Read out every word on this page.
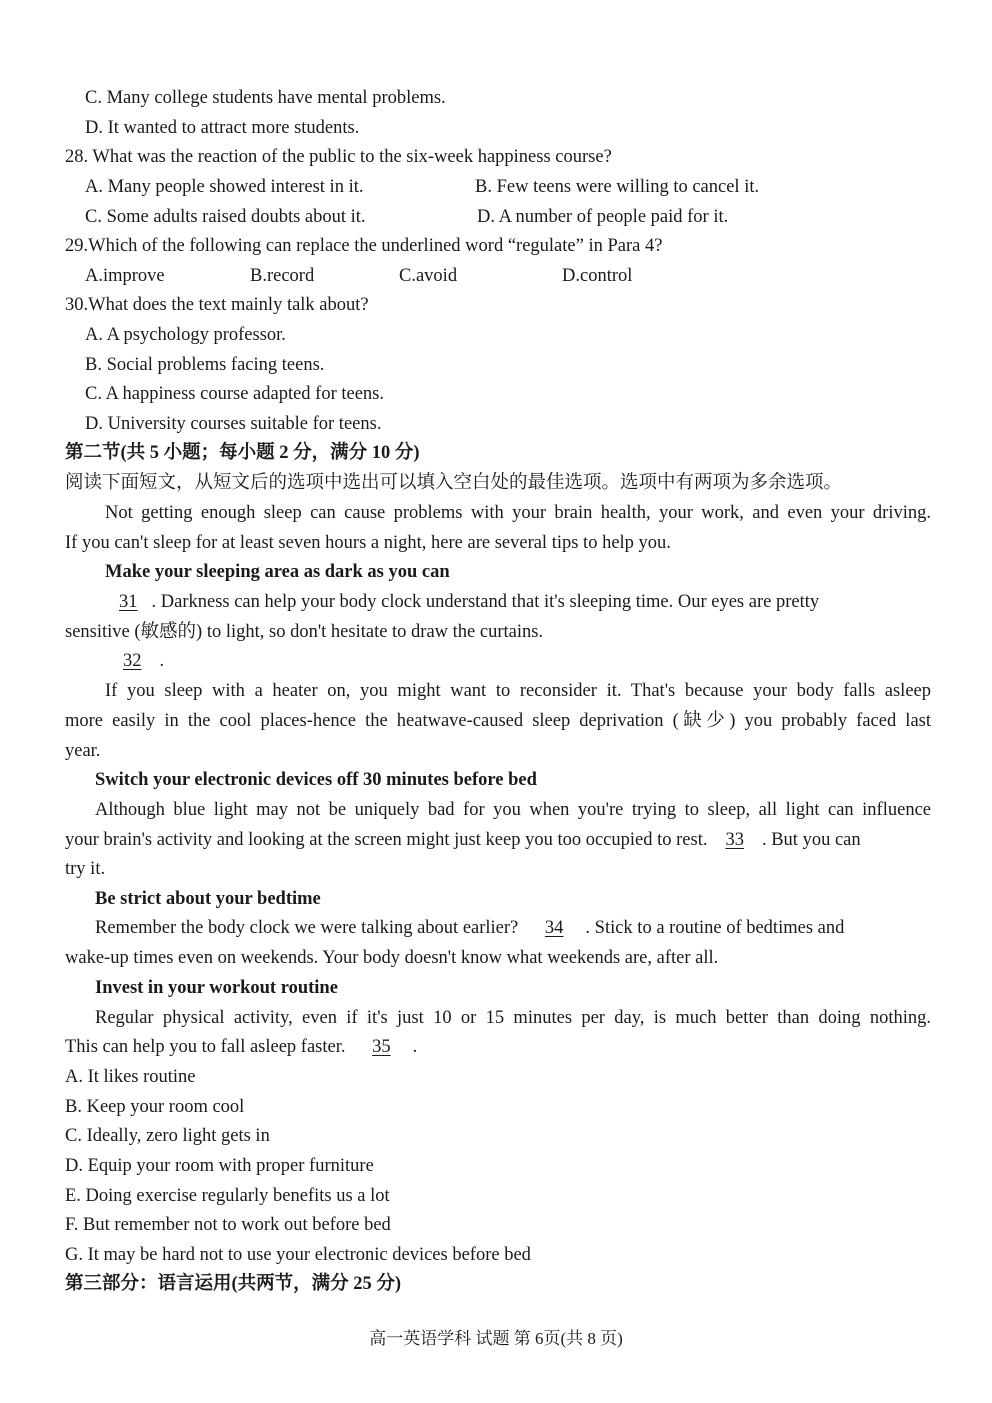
C. Many college students have mental problems.
D. It wanted to attract more students.
28. What was the reaction of the public to the six-week happiness course?
A. Many people showed interest in it.	B. Few teens were willing to cancel it.
C. Some adults raised doubts about it.	D. A number of people paid for it.
29.Which of the following can replace the underlined word “regulate” in Para 4?
A.improve	B.record	C.avoid	D.control
30.What does the text mainly talk about?
A. A psychology professor.
B. Social problems facing teens.
C. A happiness course adapted for teens.
D. University courses suitable for teens.
第二节(共 5 小题；每小题 2 分，满分 10 分)
阅读下面短文，从短文后的选项中选出可以填入空白处的最佳选项。选项中有两项为多余选项。
Not getting enough sleep can cause problems with your brain health, your work, and even your driving.
If you can't sleep for at least seven hours a night, here are several tips to help you.
Make your sleeping area as dark as you can
31 . Darkness can help your body clock understand that it's sleeping time. Our eyes are pretty
sensitive (敏感的) to light, so don't hesitate to draw the curtains.
32 .
If you sleep with a heater on, you might want to reconsider it. That's because your body falls asleep
more easily in the cool places-hence the heatwave-caused sleep deprivation (缺少) you probably faced last
year.
Switch your electronic devices off 30 minutes before bed
Although blue light may not be uniquely bad for you when you're trying to sleep, all light can influence
your brain's activity and looking at the screen might just keep you too occupied to rest. 33 . But you can
try it.
Be strict about your bedtime
Remember the body clock we were talking about earlier? 34 . Stick to a routine of bedtimes and
wake-up times even on weekends. Your body doesn't know what weekends are, after all.
Invest in your workout routine
Regular physical activity, even if it's just 10 or 15 minutes per day, is much better than doing nothing.
This can help you to fall asleep faster. 35 .
A. It likes routine
B. Keep your room cool
C. Ideally, zero light gets in
D. Equip your room with proper furniture
E. Doing exercise regularly benefits us a lot
F. But remember not to work out before bed
G. It may be hard not to use your electronic devices before bed
第三部分：语言运用(共两节，满分 25 分)
高一英语学科 试题 第 6页(共 8 页)
